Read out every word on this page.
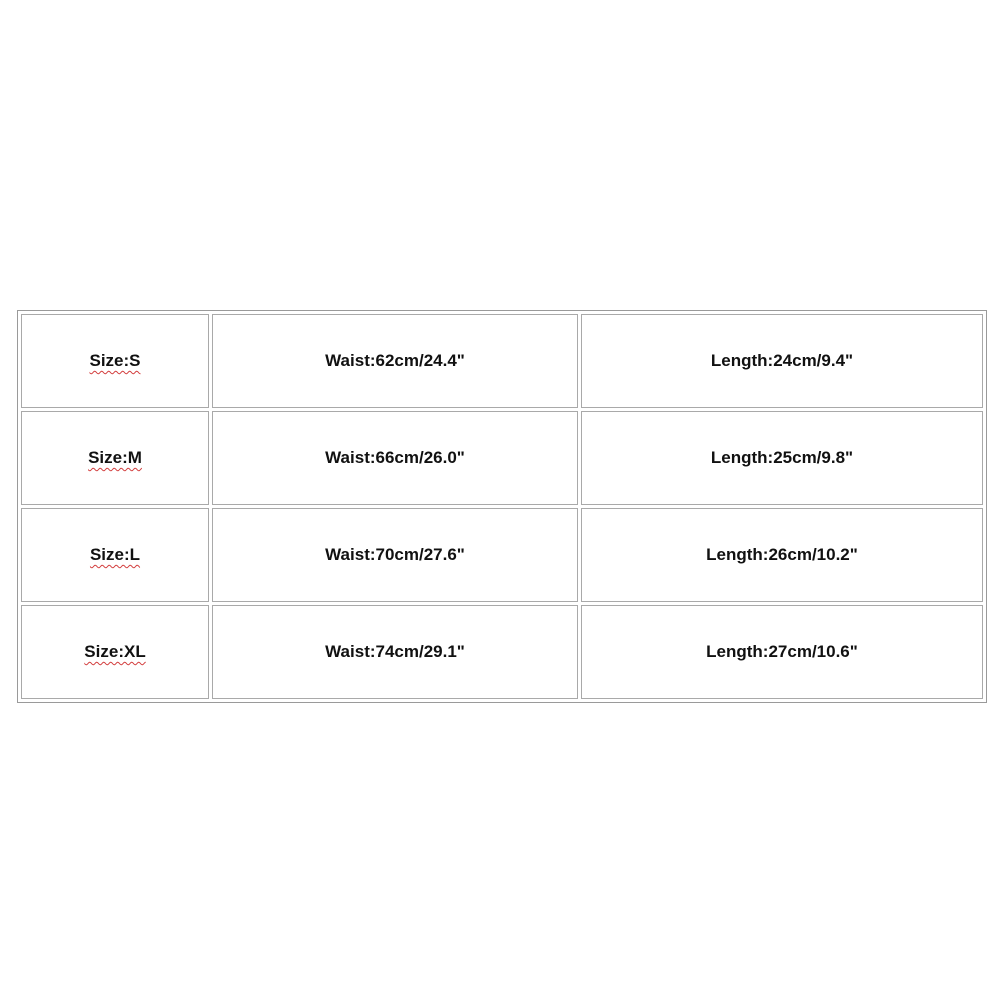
Size:S	Waist:62cm/24.4"	Length:24cm/9.4"
Size:M	Waist:66cm/26.0"	Length:25cm/9.8"
Size:L	Waist:70cm/27.6"	Length:26cm/10.2"
Size:XL	Waist:74cm/29.1"	Length:27cm/10.6"
